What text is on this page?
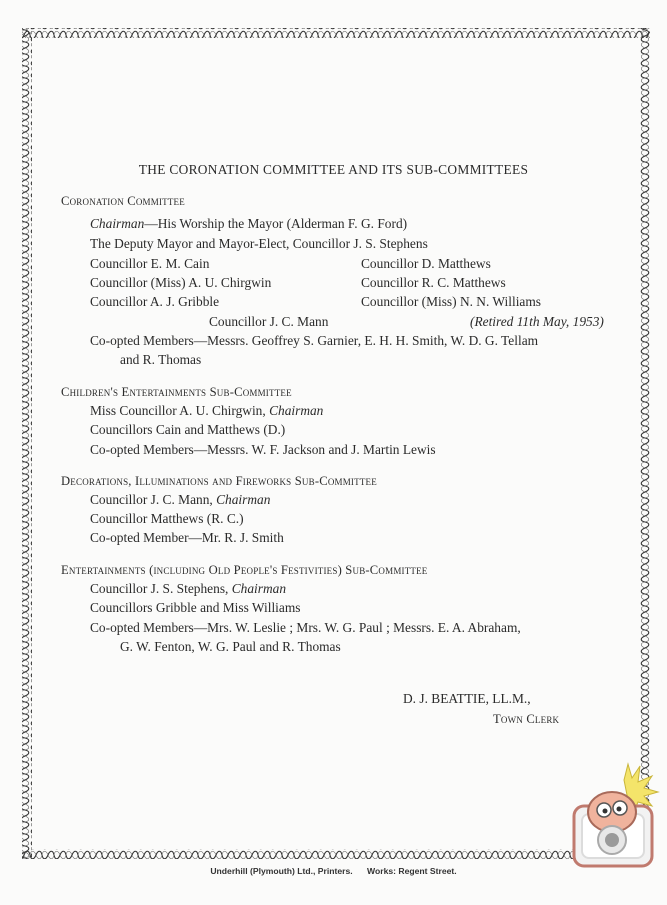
THE CORONATION COMMITTEE AND ITS SUB-COMMITTEES
Coronation Committee
Chairman—His Worship the Mayor (Alderman F. G. Ford)
The Deputy Mayor and Mayor-Elect, Councillor J. S. Stephens
Councillor E. M. Cain	Councillor D. Matthews
Councillor (Miss) A. U. Chirgwin	Councillor R. C. Matthews
Councillor A. J. Gribble	Councillor (Miss) N. N. Williams
Councillor J. C. Mann	(Retired 11th May, 1953)
Co-opted Members—Messrs. Geoffrey S. Garnier, E. H. H. Smith, W. D. G. Tellam
and R. Thomas
Children's Entertainments Sub-Committee
Miss Councillor A. U. Chirgwin, Chairman
Councillors Cain and Matthews (D.)
Co-opted Members—Messrs. W. F. Jackson and J. Martin Lewis
Decorations, Illuminations and Fireworks Sub-Committee
Councillor J. C. Mann, Chairman
Councillor Matthews (R. C.)
Co-opted Member—Mr. R. J. Smith
Entertainments (including Old People's Festivities) Sub-Committee
Councillor J. S. Stephens, Chairman
Councillors Gribble and Miss Williams
Co-opted Members—Mrs. W. Leslie ; Mrs. W. G. Paul ; Messrs. E. A. Abraham,
G. W. Fenton, W. G. Paul and R. Thomas
D. J. BEATTIE, LL.M.,
Town Clerk
Underhill (Plymouth) Ltd., Printers. Works: Regent Street.
